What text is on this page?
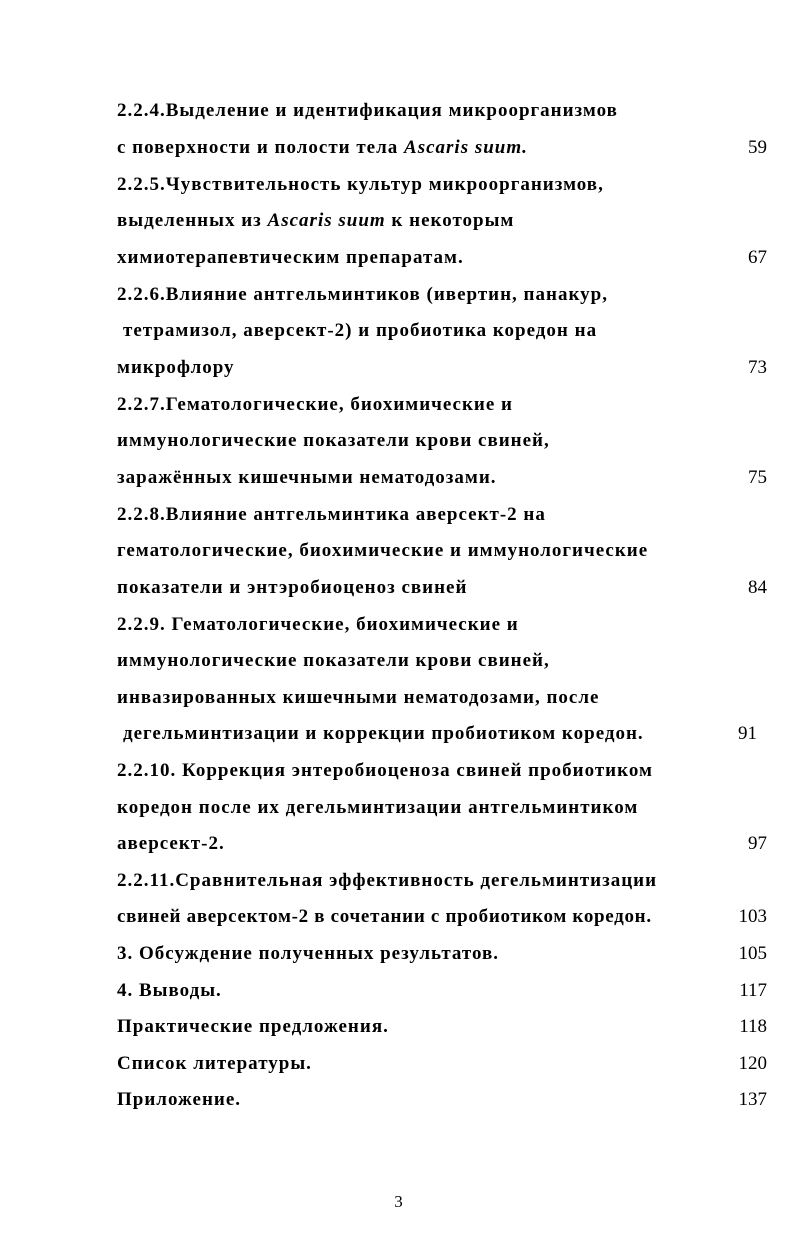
2.2.4.Выделение и идентификация микроорганизмов
с поверхности и полости тела Ascaris suum.	59
2.2.5.Чувствительность культур микроорганизмов,
выделенных из Ascaris suum к некоторым
химиотерапевтическим препаратам.	67
2.2.6.Влияние антгельминтиков (ивертин, панакур,
тетрамизол, аверсект-2) и пробиотика коредон на
микрофлору	73
2.2.7.Гематологические, биохимические и
иммунологические показатели крови свиней,
заражённых кишечными нематодозами.	75
2.2.8.Влияние антгельминтика аверсект-2 на
гематологические, биохимические и иммунологические
показатели и энтэробиоценоз свиней	84
2.2.9. Гематологические, биохимические и
иммунологические показатели крови свиней,
инвазированных кишечными нематодозами, после
дегельминтизации и коррекции пробиотиком коредон.	91
2.2.10. Коррекция энтеробиоценоза свиней пробиотиком
коредон после их дегельминтизации антгельминтиком
аверсект-2.	97
2.2.11.Сравнительная эффективность дегельминтизации
свиней аверсектом-2 в сочетании с пробиотиком коредон.	103
3. Обсуждение полученных результатов.	105
4. Выводы.	117
Практические предложения.	118
Список литературы.	120
Приложение.	137
3
